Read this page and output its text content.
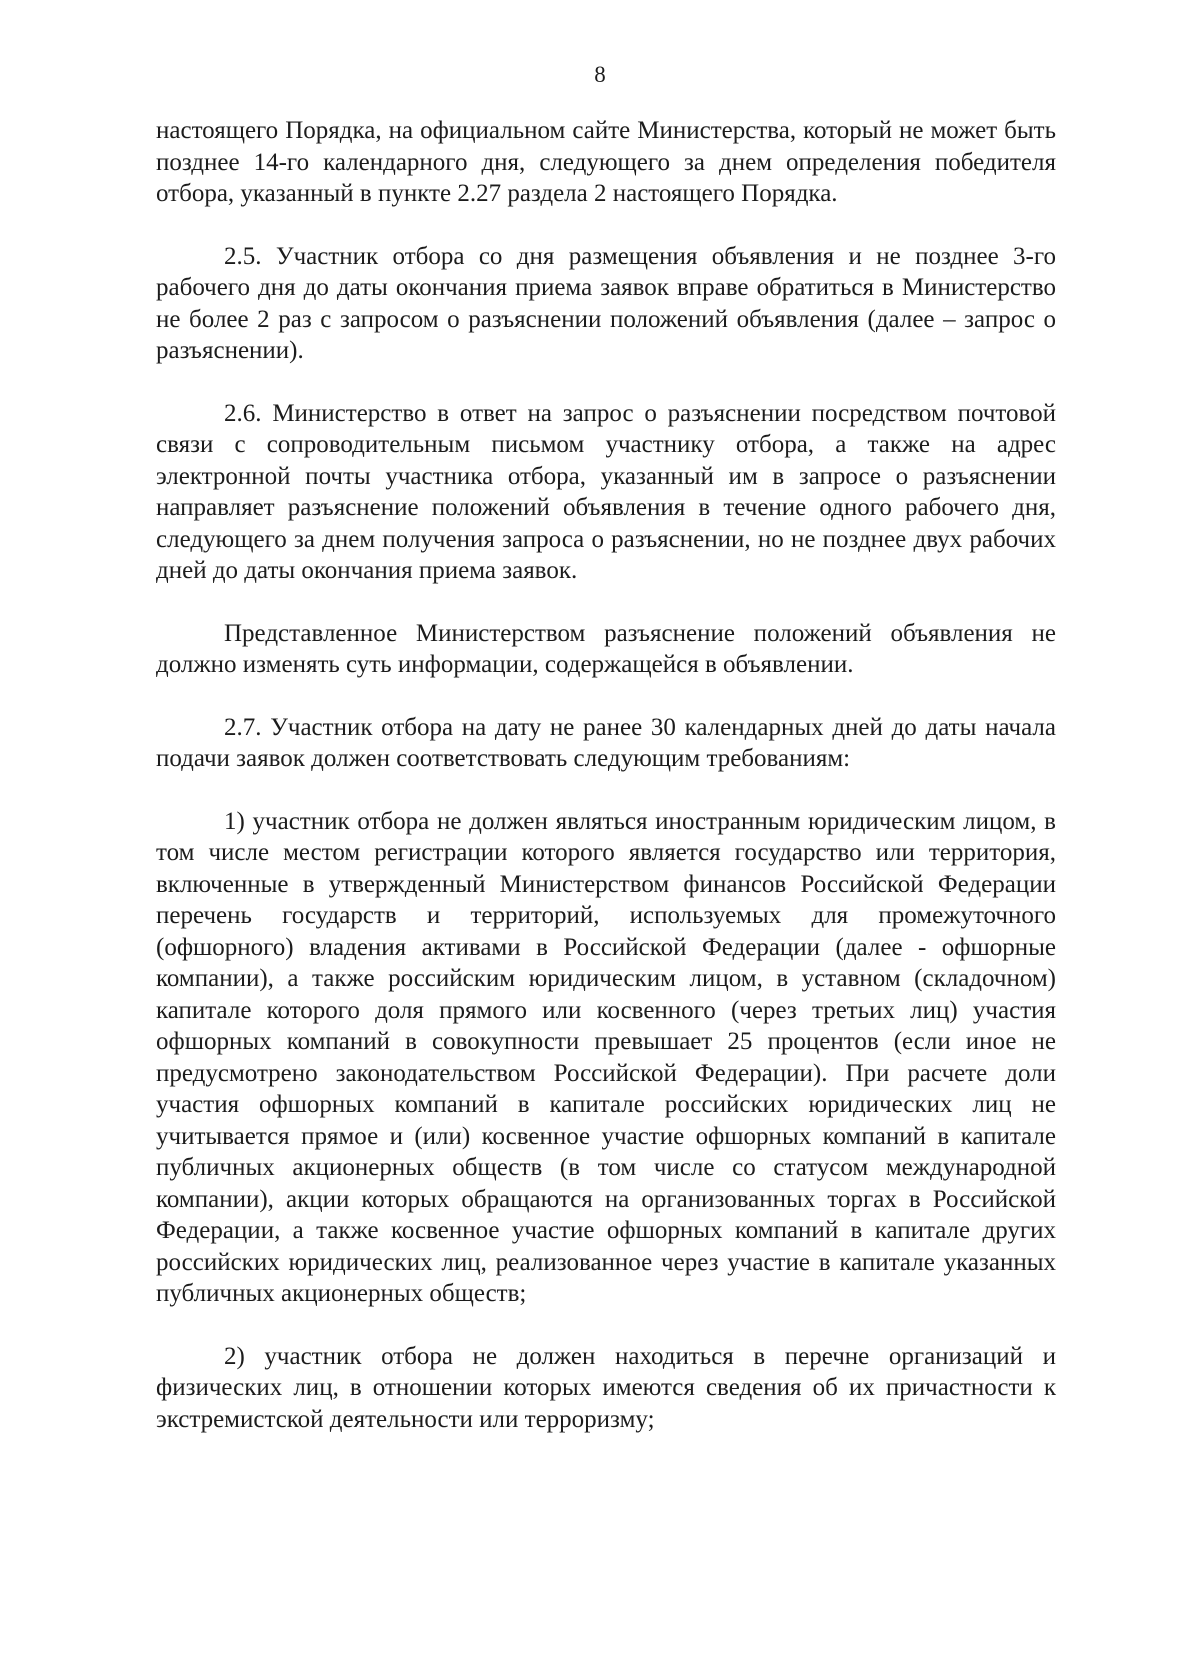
8

настоящего Порядка, на официальном сайте Министерства, который не может быть позднее 14-го календарного дня, следующего за днем определения победителя отбора, указанный в пункте 2.27 раздела 2 настоящего Порядка.

2.5. Участник отбора со дня размещения объявления и не позднее 3-го рабочего дня до даты окончания приема заявок вправе обратиться в Министерство не более 2 раз с запросом о разъяснении положений объявления (далее – запрос о разъяснении).

2.6. Министерство в ответ на запрос о разъяснении посредством почтовой связи с сопроводительным письмом участнику отбора, а также на адрес электронной почты участника отбора, указанный им в запросе о разъяснении направляет разъяснение положений объявления в течение одного рабочего дня, следующего за днем получения запроса о разъяснении, но не позднее двух рабочих дней до даты окончания приема заявок.

Представленное Министерством разъяснение положений объявления не должно изменять суть информации, содержащейся в объявлении.

2.7. Участник отбора на дату не ранее 30 календарных дней до даты начала подачи заявок должен соответствовать следующим требованиям:

1) участник отбора не должен являться иностранным юридическим лицом, в том числе местом регистрации которого является государство или территория, включенные в утвержденный Министерством финансов Российской Федерации перечень государств и территорий, используемых для промежуточного (офшорного) владения активами в Российской Федерации (далее - офшорные компании), а также российским юридическим лицом, в уставном (складочном) капитале которого доля прямого или косвенного (через третьих лиц) участия офшорных компаний в совокупности превышает 25 процентов (если иное не предусмотрено законодательством Российской Федерации). При расчете доли участия офшорных компаний в капитале российских юридических лиц не учитывается прямое и (или) косвенное участие офшорных компаний в капитале публичных акционерных обществ (в том числе со статусом международной компании), акции которых обращаются на организованных торгах в Российской Федерации, а также косвенное участие офшорных компаний в капитале других российских юридических лиц, реализованное через участие в капитале указанных публичных акционерных обществ;

2) участник отбора не должен находиться в перечне организаций и физических лиц, в отношении которых имеются сведения об их причастности к экстремистской деятельности или терроризму;
